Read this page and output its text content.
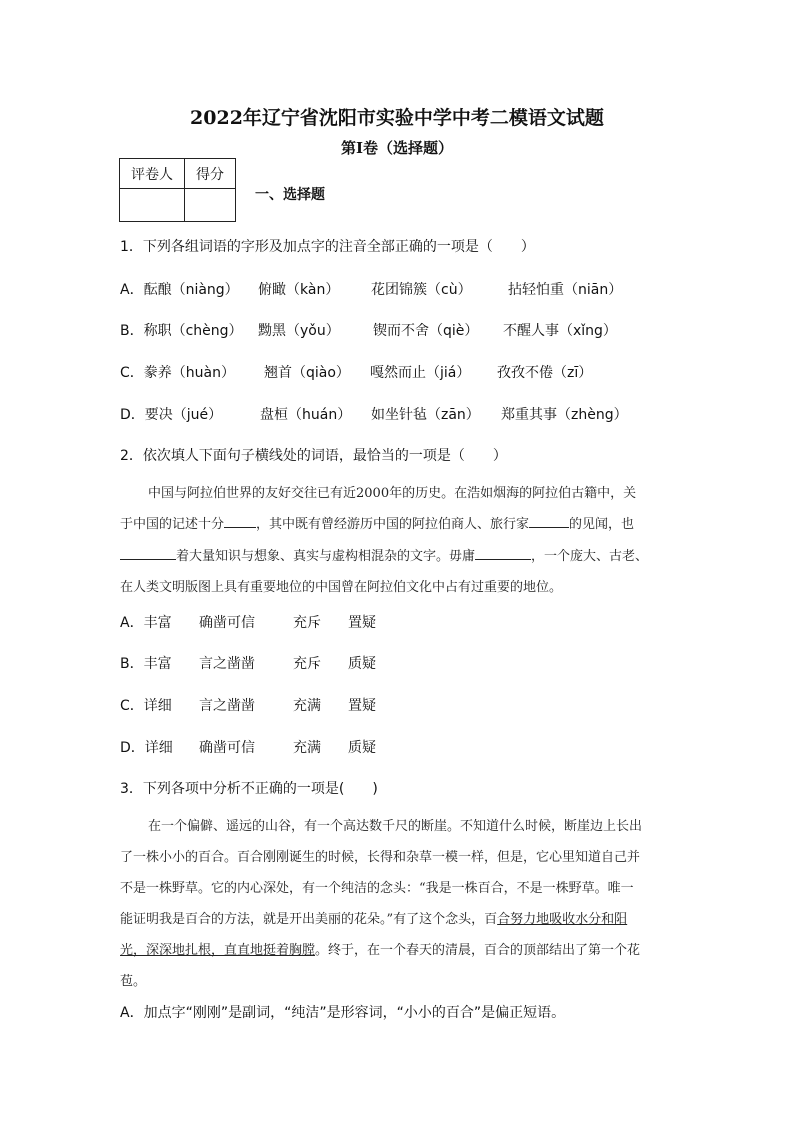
2022年辽宁省沈阳市实验中学中考二模语文试题
第I卷（选择题）
评卷人	得分

一、选择题
1．下列各组词语的字形及加点字的注音全部正确的一项是（　　）
A．酝酿（niàng） 俯瞰（kàn） 花团锦簇（cù）	拈轻怕重（niān）
B．称职（chèng） 黝黑（yǒu） 锲而不舍（qiè） 不醒人事（xǐng）
C．豢养（huàn） 翘首（qiào） 嘎然而止（jiá） 孜孜不倦（zī）
D．要决（jué）	盘桓（huán） 如坐针毡（zān） 郑重其事（zhèng）
2．依次填人下面句子横线处的词语，最恰当的一项是（　　）
中国与阿拉伯世界的友好交往已有近2000年的历史。在浩如烟海的阿拉伯古籍中，关
于中国的记述十分 ，其中既有曾经游历中国的阿拉伯商人、旅行家	的见闻，也
着大量知识与想象、真实与虚构相混杂的文字。毋庸	，一个庞大、古老、
在人类文明版图上具有重要地位的中国曾在阿拉伯文化中占有过重要的地位。
A．丰富 确凿可信	充斥 置疑
B．丰富 言之凿凿	充斥 质疑
C．详细 言之凿凿	充满 置疑
D．详细 确凿可信	充满 质疑
3．下列各项中分析不正确的一项是(　　)
在一个偏僻、遥远的山谷，有一个高达数千尺的断崖。不知道什么时候，断崖边上长出
了一株小小的百合。百合刚刚诞生的时候，长得和杂草一模一样，但是，它心里知道自己并
不是一株野草。它的内心深处，有一个纯洁的念头：“我是一株百合，不是一株野草。唯一
能证明我是百合的方法，就是开出美丽的花朵。”有了这个念头，百合努力地吸收水分和阳
光，深深地扎根，直直地挺着胸膛。终于，在一个春天的清晨，百合的顶部结出了第一个花
苞。
A．加点字“刚刚”是副词，“纯洁”是形容词，“小小的百合”是偏正短语。
